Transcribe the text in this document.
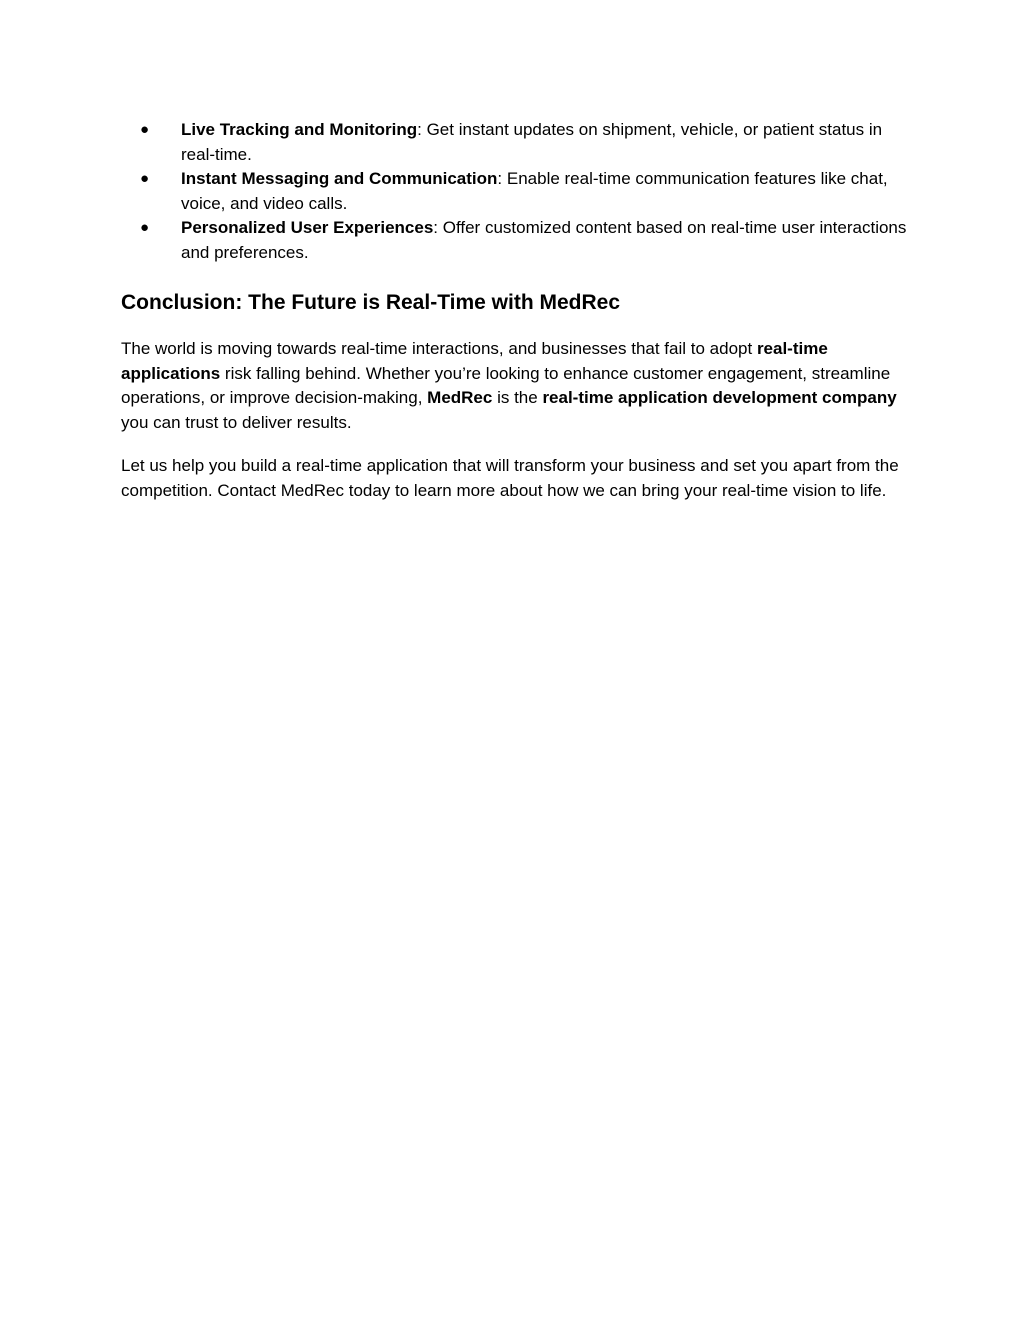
● Live Tracking and Monitoring: Get instant updates on shipment, vehicle, or patient status in real-time.
● Instant Messaging and Communication: Enable real-time communication features like chat, voice, and video calls.
● Personalized User Experiences: Offer customized content based on real-time user interactions and preferences.
Conclusion: The Future is Real-Time with MedRec

The world is moving towards real-time interactions, and businesses that fail to adopt real-time applications risk falling behind. Whether you’re looking to enhance customer engagement, streamline operations, or improve decision-making, MedRec is the real-time application development company you can trust to deliver results.

Let us help you build a real-time application that will transform your business and set you apart from the competition. Contact MedRec today to learn more about how we can bring your real-time vision to life.
